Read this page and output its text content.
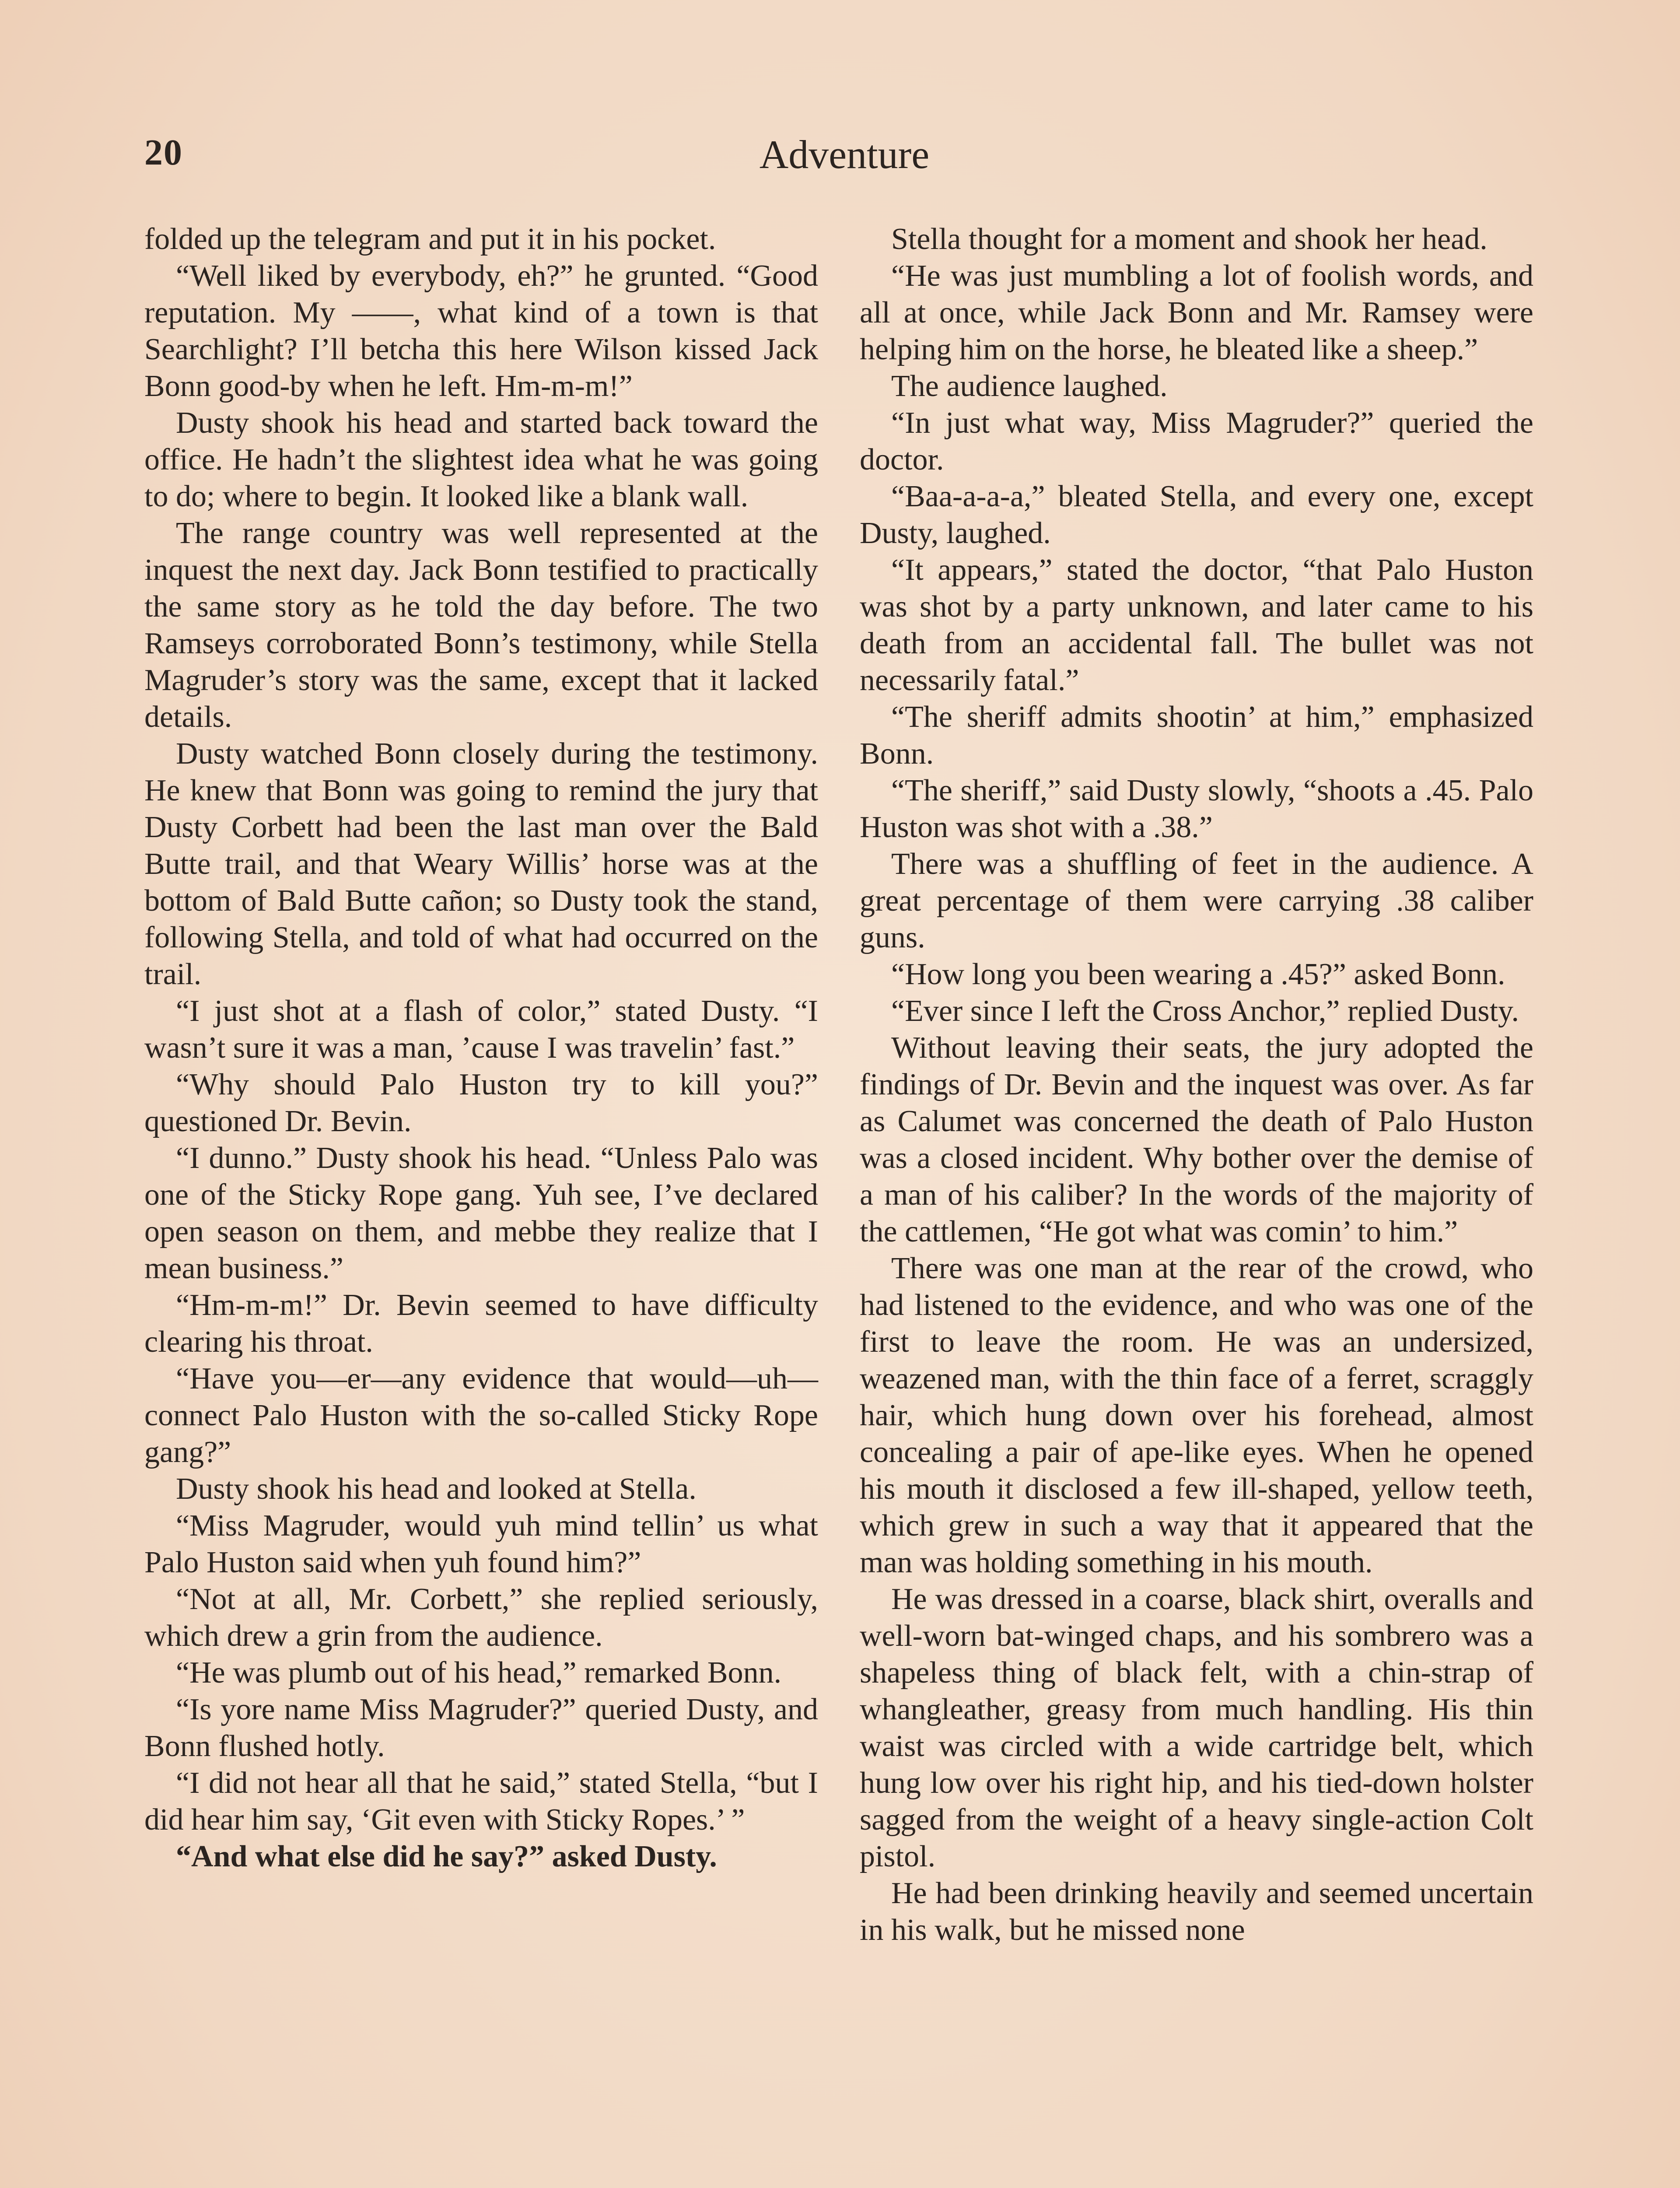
20	Adventure

folded up the telegram and put it in his pocket.

“Well liked by everybody, eh?” he grunted. “Good reputation. My ——, what kind of a town is that Searchlight? I’ll betcha this here Wilson kissed Jack Bonn good-by when he left. Hm-m-m!”

Dusty shook his head and started back toward the office. He hadn’t the slightest idea what he was going to do; where to begin. It looked like a blank wall.

The range country was well represented at the inquest the next day. Jack Bonn testified to practically the same story as he told the day before. The two Ramseys corroborated Bonn’s testimony, while Stella Magruder’s story was the same, except that it lacked details.

Dusty watched Bonn closely during the testimony. He knew that Bonn was going to remind the jury that Dusty Corbett had been the last man over the Bald Butte trail, and that Weary Willis’ horse was at the bottom of Bald Butte cañon; so Dusty took the stand, following Stella, and told of what had occurred on the trail.

“I just shot at a flash of color,” stated Dusty. “I wasn’t sure it was a man, ’cause I was travelin’ fast.”

“Why should Palo Huston try to kill you?” questioned Dr. Bevin.

“I dunno.” Dusty shook his head. “Unless Palo was one of the Sticky Rope gang. Yuh see, I’ve declared open season on them, and mebbe they realize that I mean business.”

“Hm-m-m!” Dr. Bevin seemed to have difficulty clearing his throat.

“Have you—er—any evidence that would—uh—connect Palo Huston with the so-called Sticky Rope gang?”

Dusty shook his head and looked at Stella.

“Miss Magruder, would yuh mind tellin’ us what Palo Huston said when yuh found him?”

“Not at all, Mr. Corbett,” she replied seriously, which drew a grin from the audience.

“He was plumb out of his head,” remarked Bonn.

“Is yore name Miss Magruder?” queried Dusty, and Bonn flushed hotly.

“I did not hear all that he said,” stated Stella, “but I did hear him say, ‘Git even with Sticky Ropes.’ ”

“And what else did he say?” asked Dusty.

Stella thought for a moment and shook her head.

“He was just mumbling a lot of foolish words, and all at once, while Jack Bonn and Mr. Ramsey were helping him on the horse, he bleated like a sheep.”

The audience laughed.

“In just what way, Miss Magruder?” queried the doctor.

“Baa-a-a-a,” bleated Stella, and every one, except Dusty, laughed.

“It appears,” stated the doctor, “that Palo Huston was shot by a party unknown, and later came to his death from an accidental fall. The bullet was not necessarily fatal.”

“The sheriff admits shootin’ at him,” emphasized Bonn.

“The sheriff,” said Dusty slowly, “shoots a .45. Palo Huston was shot with a .38.”

There was a shuffling of feet in the audience. A great percentage of them were carrying .38 caliber guns.

“How long you been wearing a .45?” asked Bonn.

“Ever since I left the Cross Anchor,” replied Dusty.

Without leaving their seats, the jury adopted the findings of Dr. Bevin and the inquest was over. As far as Calumet was concerned the death of Palo Huston was a closed incident. Why bother over the demise of a man of his caliber? In the words of the majority of the cattlemen, “He got what was comin’ to him.”

There was one man at the rear of the crowd, who had listened to the evidence, and who was one of the first to leave the room. He was an undersized, weazened man, with the thin face of a ferret, scraggly hair, which hung down over his forehead, almost concealing a pair of ape-like eyes. When he opened his mouth it disclosed a few ill-shaped, yellow teeth, which grew in such a way that it appeared that the man was holding something in his mouth.

He was dressed in a coarse, black shirt, overalls and well-worn bat-winged chaps, and his sombrero was a shapeless thing of black felt, with a chin-strap of whangleather, greasy from much handling. His thin waist was circled with a wide cartridge belt, which hung low over his right hip, and his tied-down holster sagged from the weight of a heavy single-action Colt pistol.

He had been drinking heavily and seemed uncertain in his walk, but he missed none
